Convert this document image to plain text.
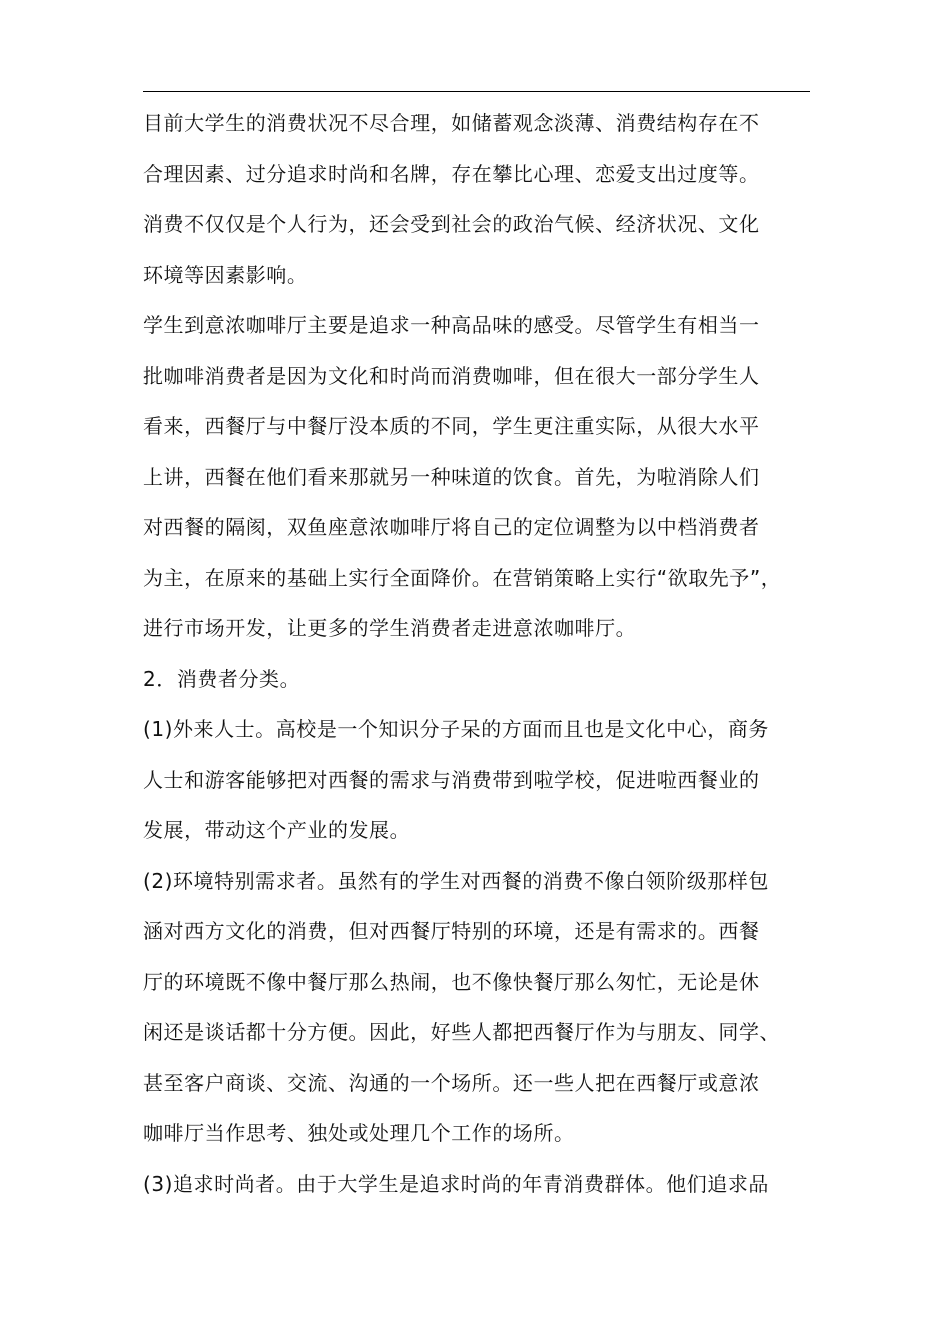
目前大学生的消费状况不尽合理，如储蓄观念淡薄、消费结构存在不
合理因素、过分追求时尚和名牌，存在攀比心理、恋爱支出过度等。
消费不仅仅是个人行为，还会受到社会的政治气候、经济状况、文化
环境等因素影响。
学生到意浓咖啡厅主要是追求一种高品味的感受。尽管学生有相当一
批咖啡消费者是因为文化和时尚而消费咖啡，但在很大一部分学生人
看来，西餐厅与中餐厅没本质的不同，学生更注重实际，从很大水平
上讲，西餐在他们看来那就另一种味道的饮食。首先，为啦消除人们
对西餐的隔阂，双鱼座意浓咖啡厅将自己的定位调整为以中档消费者
为主，在原来的基础上实行全面降价。在营销策略上实行“欲取先予”，
进行市场开发，让更多的学生消费者走进意浓咖啡厅。
2．消费者分类。
(1)外来人士。高校是一个知识分子呆的方面而且也是文化中心，商务
人士和游客能够把对西餐的需求与消费带到啦学校，促进啦西餐业的
发展，带动这个产业的发展。
(2)环境特别需求者。虽然有的学生对西餐的消费不像白领阶级那样包
涵对西方文化的消费，但对西餐厅特别的环境，还是有需求的。西餐
厅的环境既不像中餐厅那么热闹，也不像快餐厅那么匆忙，无论是休
闲还是谈话都十分方便。因此，好些人都把西餐厅作为与朋友、同学、
甚至客户商谈、交流、沟通的一个场所。还一些人把在西餐厅或意浓
咖啡厅当作思考、独处或处理几个工作的场所。
(3)追求时尚者。由于大学生是追求时尚的年青消费群体。他们追求品
